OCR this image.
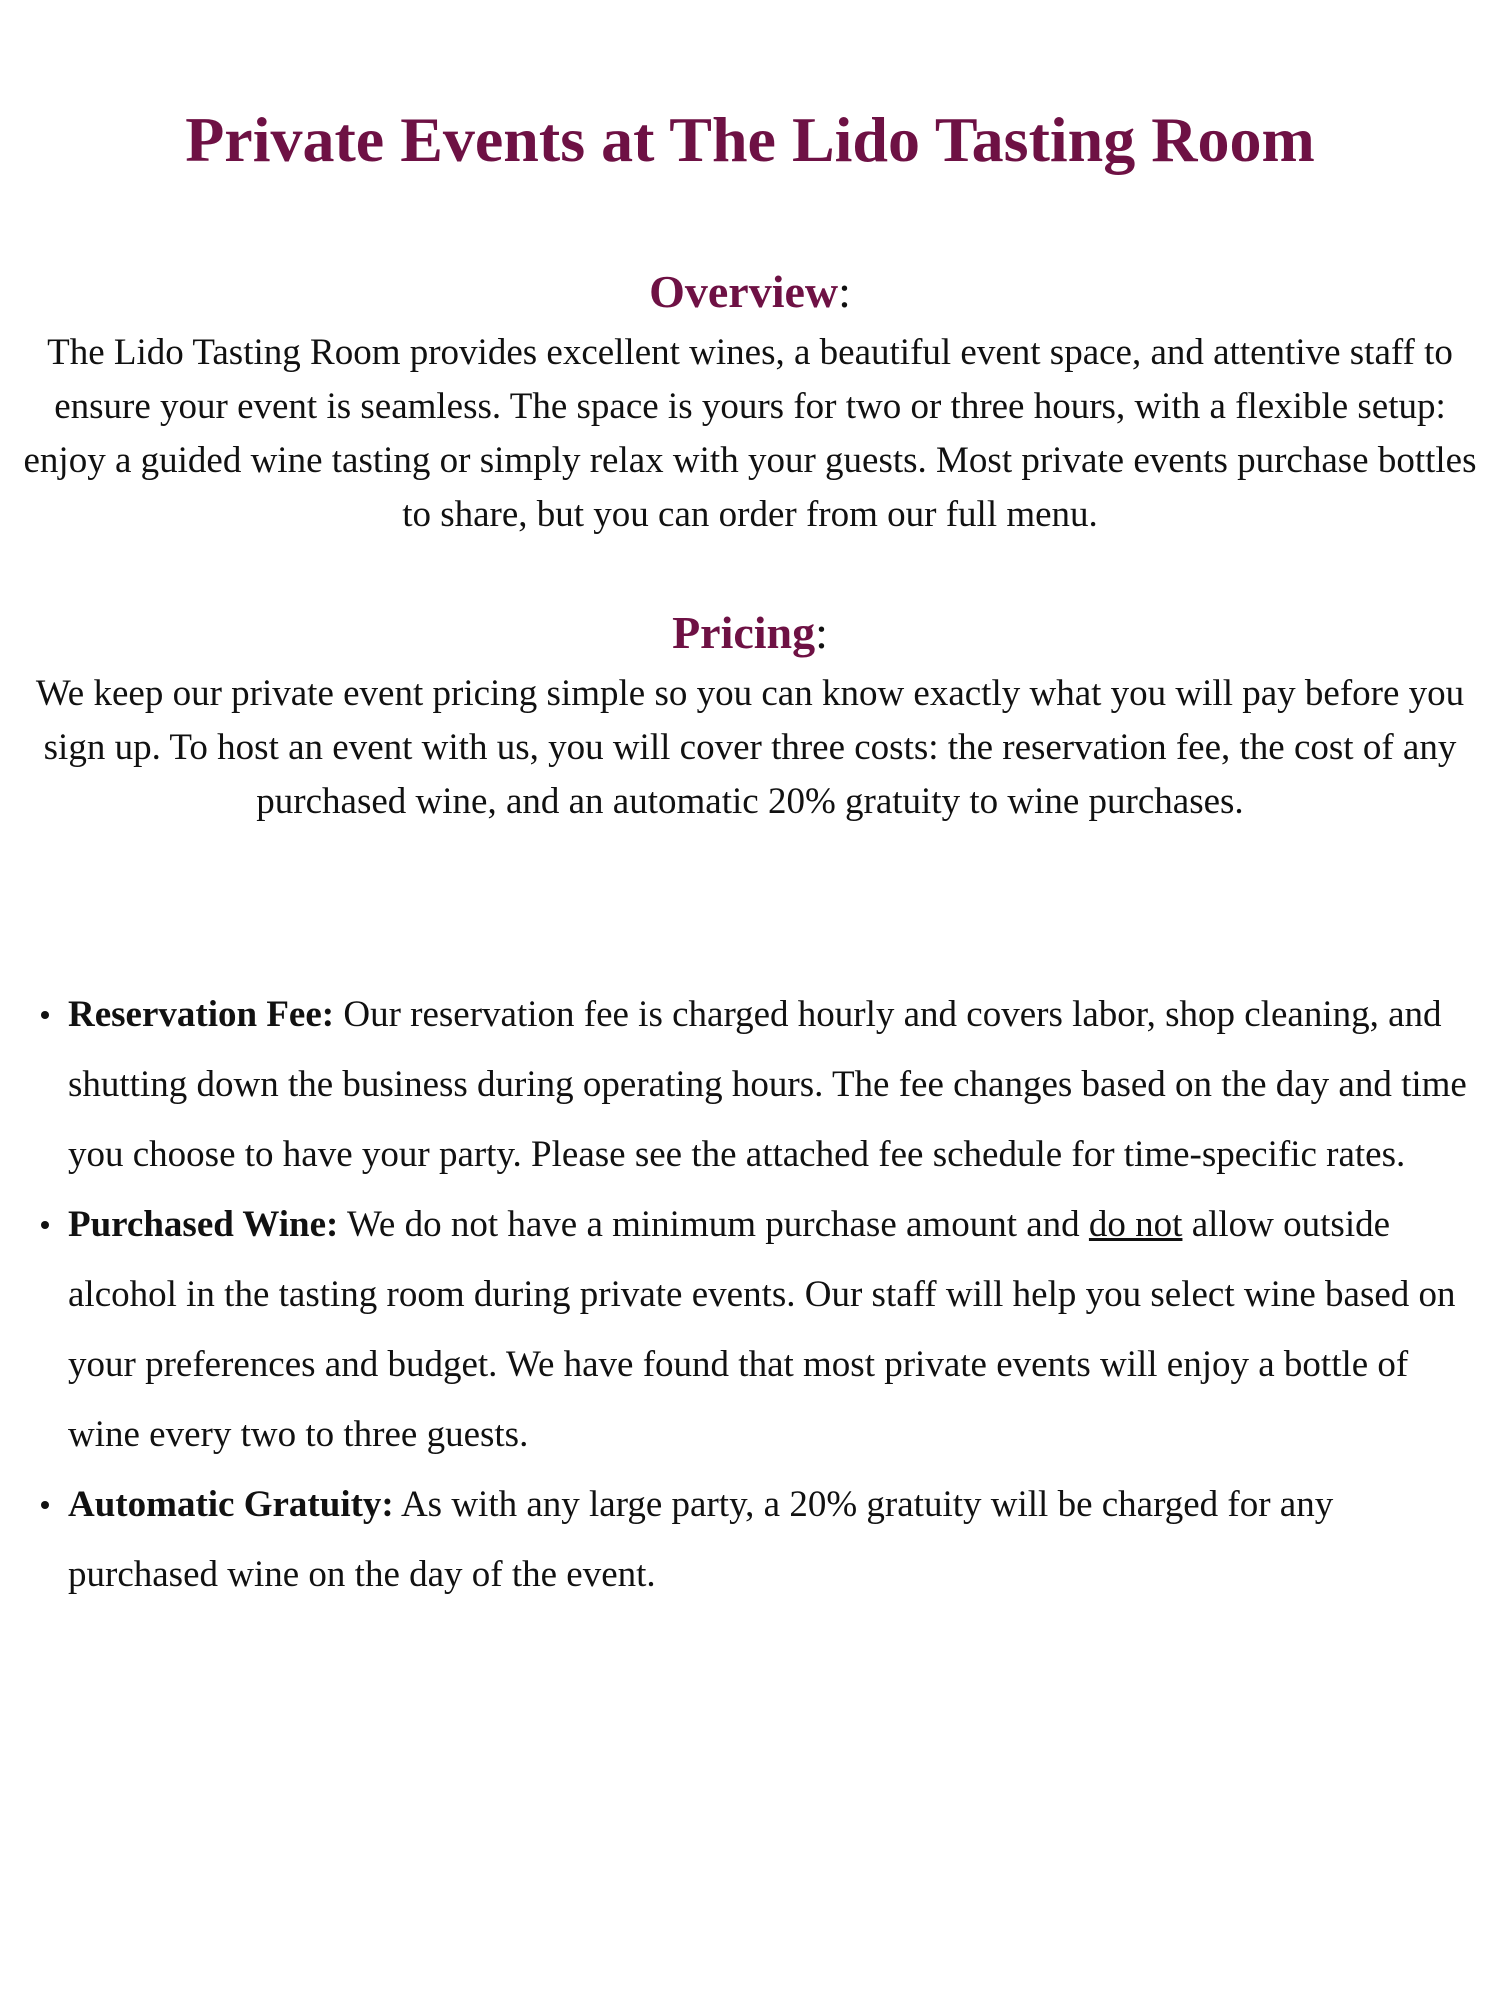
Private Events at The Lido Tasting Room
Overview:

The Lido Tasting Room provides excellent wines, a beautiful event space, and attentive staff to ensure your event is seamless. The space is yours for two or three hours, with a flexible setup: enjoy a guided wine tasting or simply relax with your guests. Most private events purchase bottles to share, but you can order from our full menu.

Pricing:

We keep our private event pricing simple so you can know exactly what you will pay before you sign up. To host an event with us, you will cover three costs: the reservation fee, the cost of any purchased wine, and an automatic 20% gratuity to wine purchases.

Reservation Fee: Our reservation fee is charged hourly and covers labor, shop cleaning, and shutting down the business during operating hours. The fee changes based on the day and time you choose to have your party. Please see the attached fee schedule for time-specific rates.
Purchased Wine: We do not have a minimum purchase amount and do not allow outside alcohol in the tasting room during private events. Our staff will help you select wine based on your preferences and budget. We have found that most private events will enjoy a bottle of wine every two to three guests.
Automatic Gratuity: As with any large party, a 20% gratuity will be charged for any purchased wine on the day of the event.
